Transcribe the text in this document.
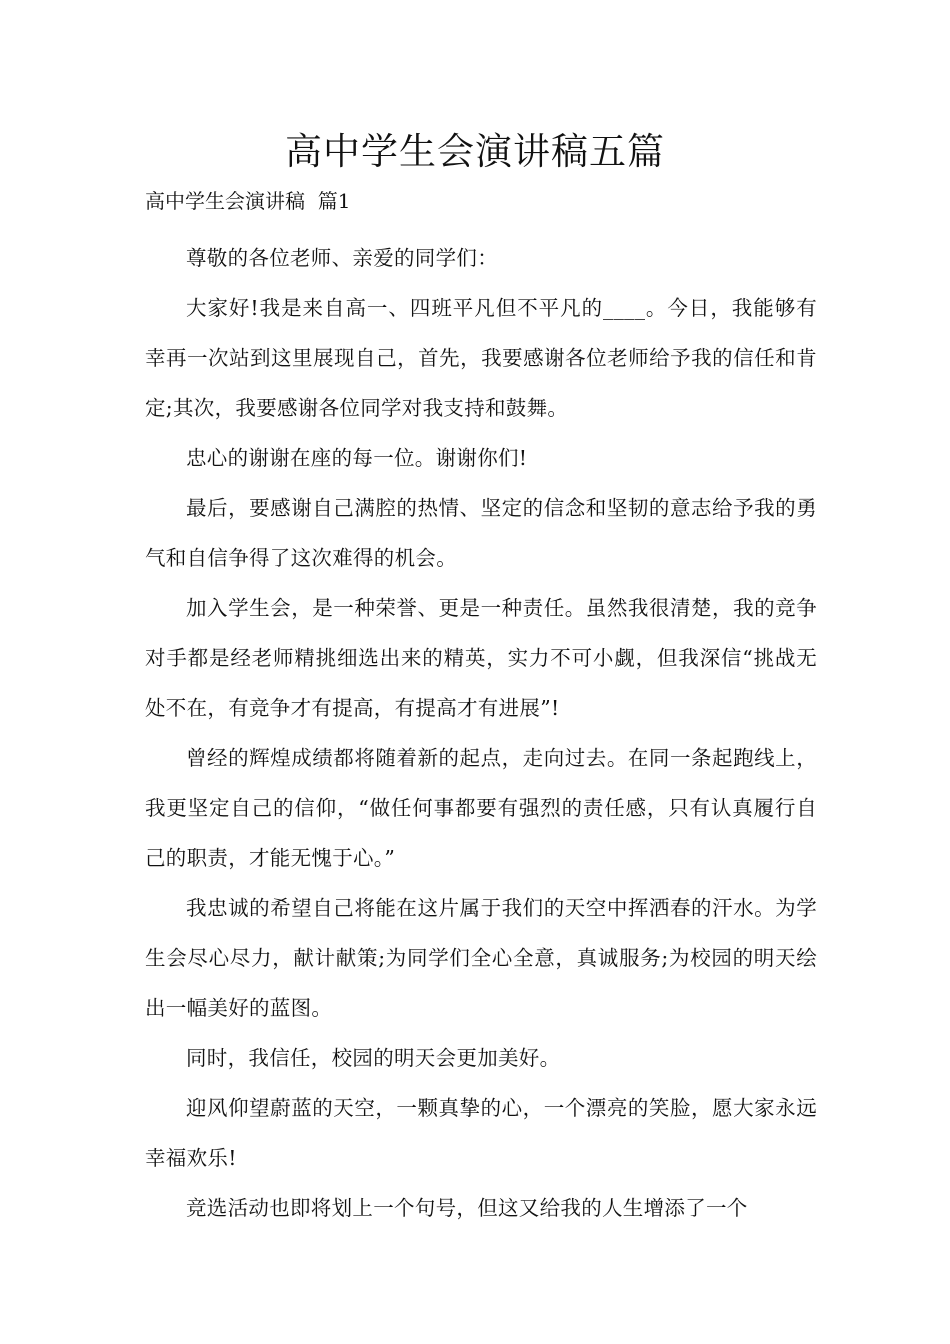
高中学生会演讲稿五篇
高中学生会演讲稿  篇1

尊敬的各位老师、亲爱的同学们：

大家好!我是来自高一、四班平凡但不平凡的____。今日，我能够有幸再一次站到这里展现自己，首先，我要感谢各位老师给予我的信任和肯定;其次，我要感谢各位同学对我支持和鼓舞。

忠心的谢谢在座的每一位。谢谢你们!

最后，要感谢自己满腔的热情、坚定的信念和坚韧的意志给予我的勇气和自信争得了这次难得的机会。

加入学生会，是一种荣誉、更是一种责任。虽然我很清楚，我的竞争对手都是经老师精挑细选出来的精英，实力不可小觑，但我深信“挑战无处不在，有竞争才有提高，有提高才有进展”!

曾经的辉煌成绩都将随着新的起点，走向过去。在同一条起跑线上，我更坚定自己的信仰，“做任何事都要有强烈的责任感，只有认真履行自己的职责，才能无愧于心。”

我忠诚的希望自己将能在这片属于我们的天空中挥洒春的汗水。为学生会尽心尽力，献计献策;为同学们全心全意，真诚服务;为校园的明天绘出一幅美好的蓝图。

同时，我信任，校园的明天会更加美好。

迎风仰望蔚蓝的天空，一颗真挚的心，一个漂亮的笑脸，愿大家永远幸福欢乐!

竞选活动也即将划上一个句号，但这又给我的人生增添了一个
